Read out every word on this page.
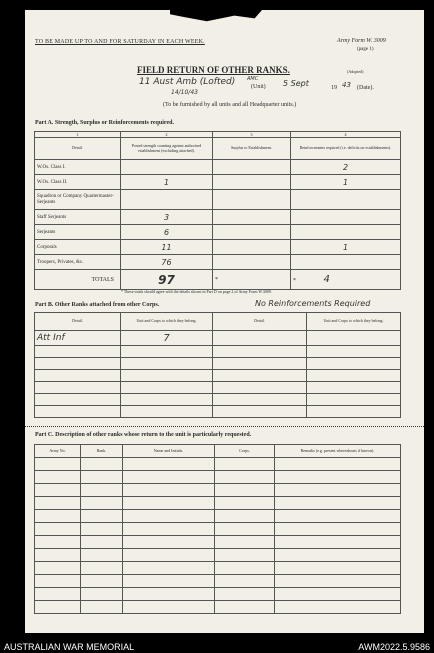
TO BE MADE UP TO AND FOR SATURDAY IN EACH WEEK.	Army Form W. 3009
(page 1)
(Adopted)
FIELD RETURN OF OTHER RANKS.
11 Aust Amb (Lofted)
14/10/43
AMC
(Unit) 5 Sept	19 43 (Date).
(To be furnished by all units and all Headquarter units.)
Part A. Strength, Surplus or Reinforcements required.
1	2	3	4
Detail.	Posted strength counting against authorised establishment (excluding attached).	Surplus to Establishment.	Reinforcements required (i.e. deficits on establishments).
W.Os. Class I.			2
W.Os. Class II.	1		1
Squadron or Company Quartermaster-Serjeants			
Staff Serjeants	3		
Serjeants	6		
Corporals	11		1
Troopers, Privates, &c.	76		
TOTALS	97	*	* 4
* These totals should agree with the details shown in Part D on page 2 of Army Form W.3009.
Part B. Other Ranks attached from other Corps.	No Reinforcements Required
Detail.	Unit and Corps to which they belong.	Detail.	Unit and Corps to which they belong.
Att Inf	7		

Part C. Description of other ranks whose return to the unit is particularly requested.
Army No.	Rank.	Name and Initials.	Corps.	Remarks (e.g. present whereabouts if known).

AUSTRALIAN WAR MEMORIAL	AWM2022.5.9586
